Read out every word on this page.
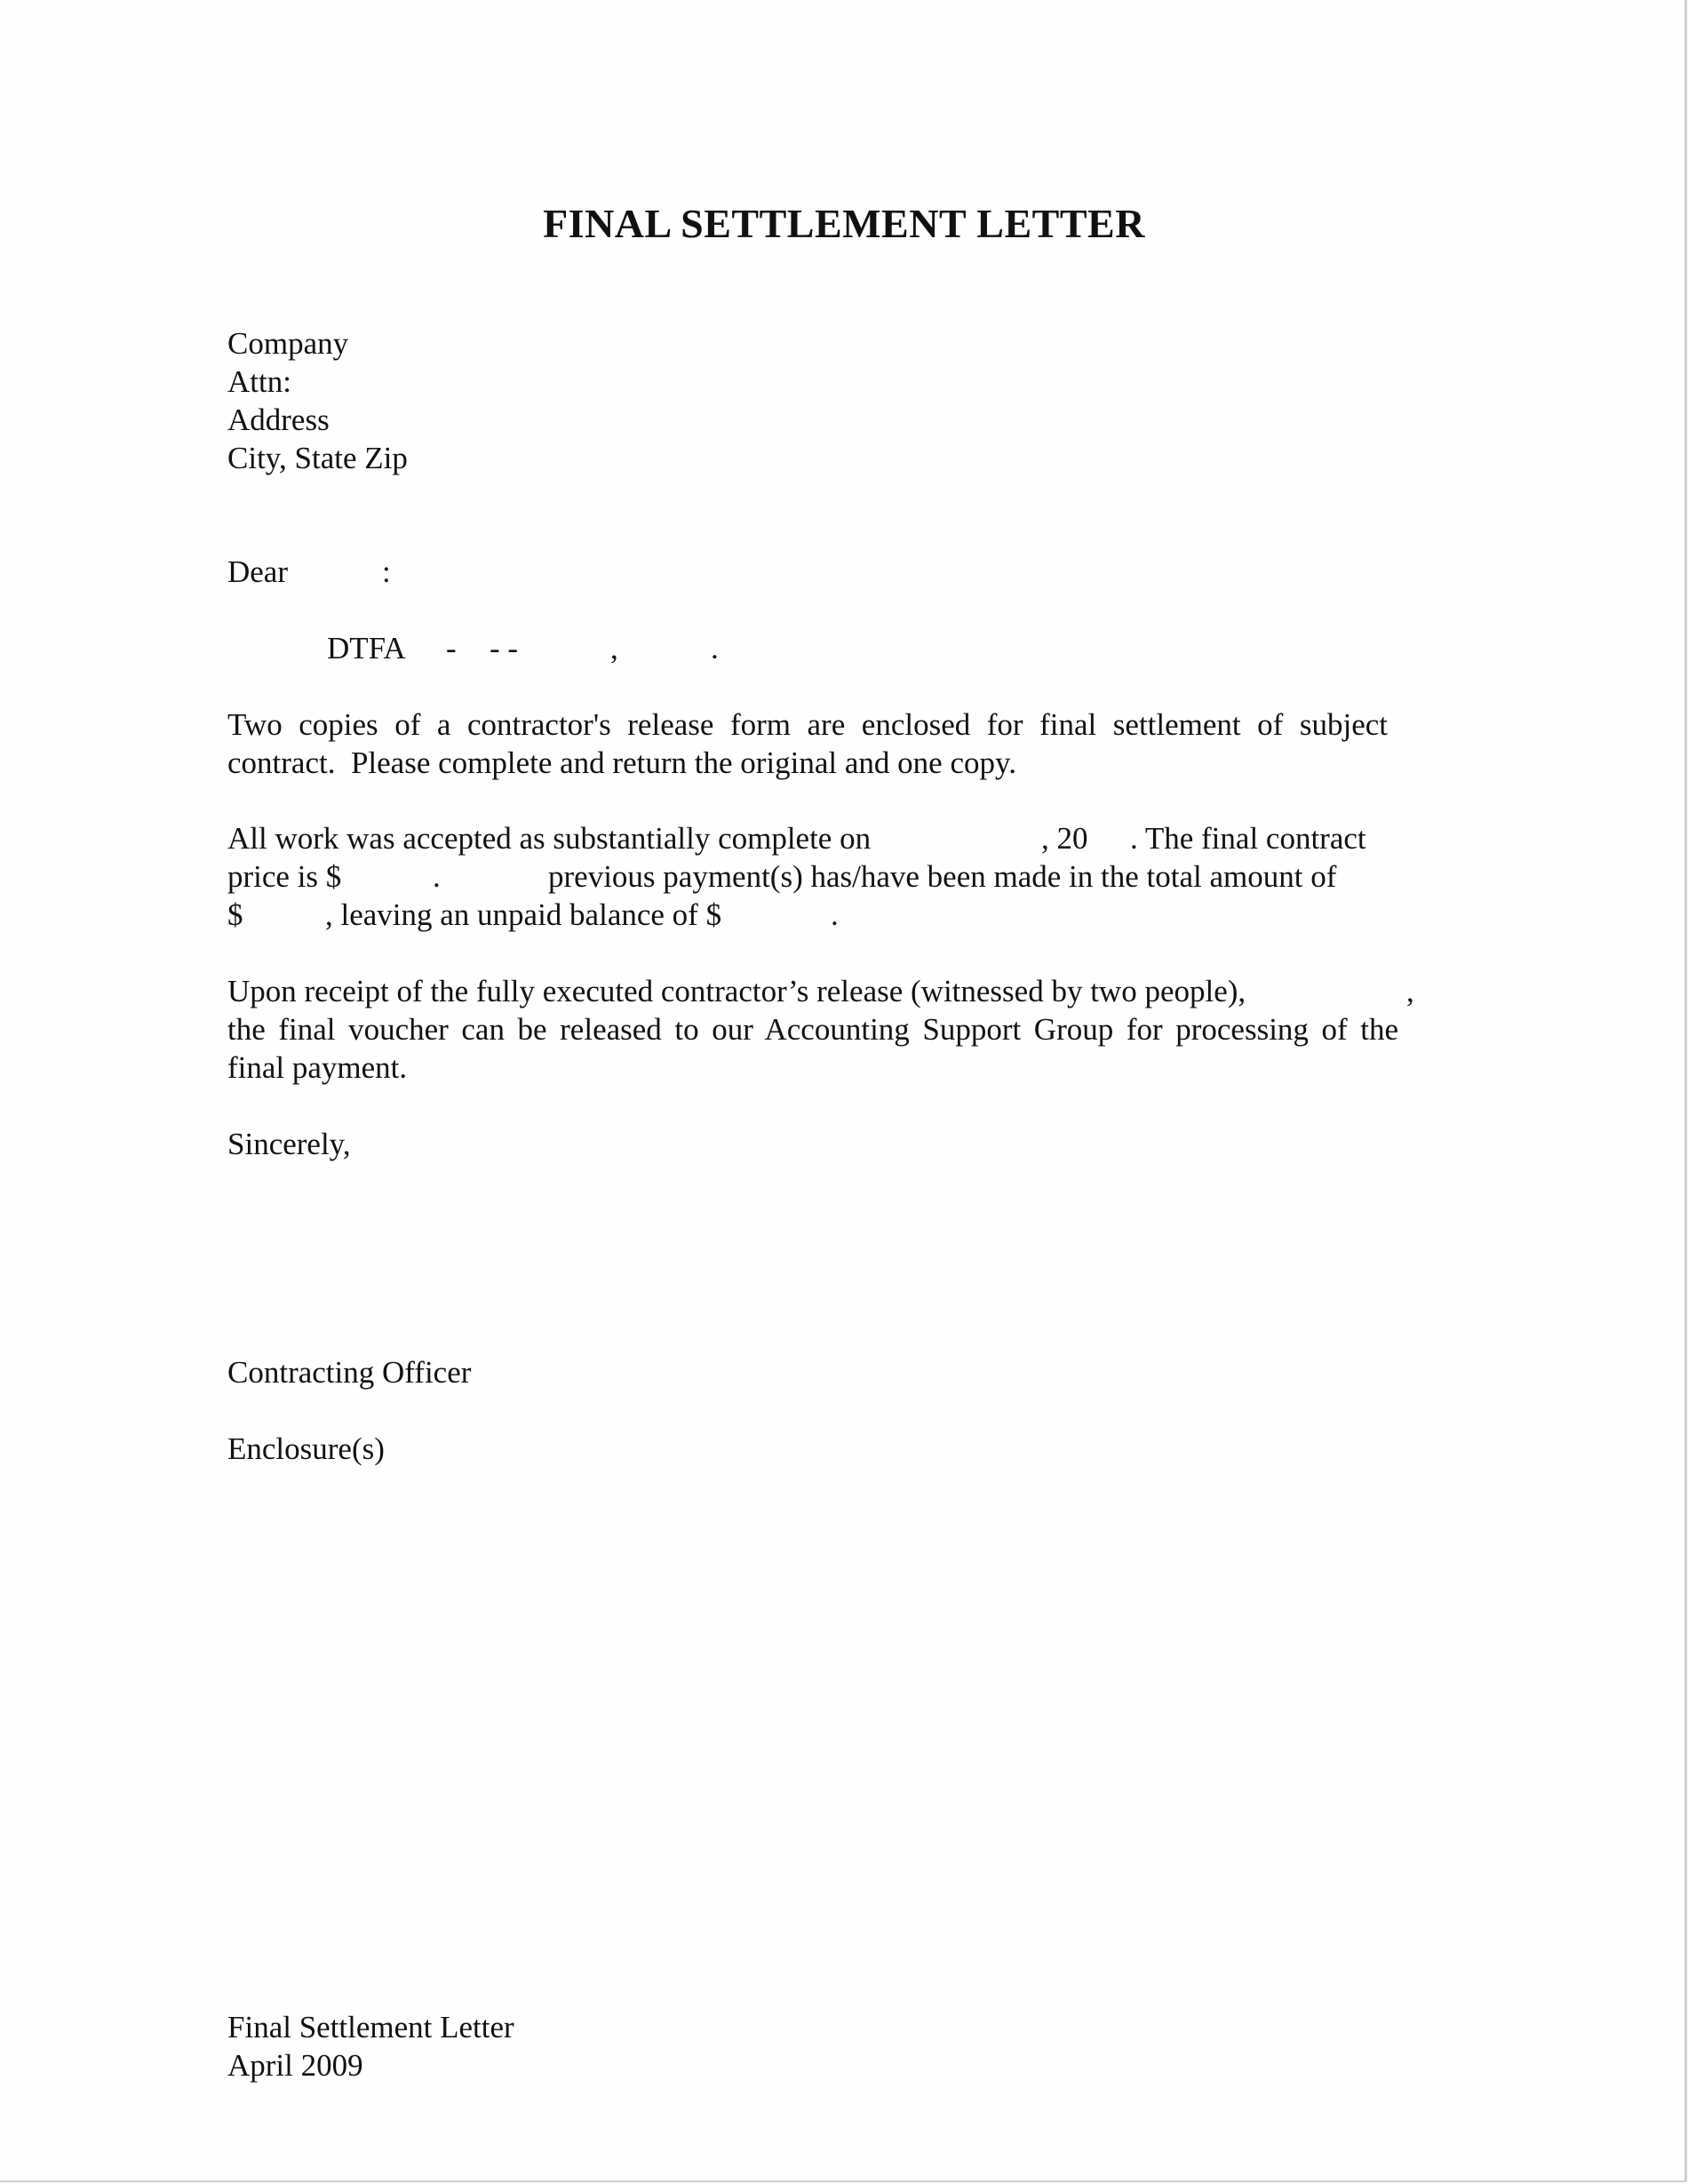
FINAL SETTLEMENT LETTER

Company

Attn:

Address

City, State Zip

Dear	:

DTFA - - -	,	.

Two copies of a contractor's release form are enclosed for final settlement of subject

contract.  Please complete and return the original and one copy.

All work was accepted as substantially complete on	, 20 . The final contract

price is $	.	previous payment(s) has/have been made in the total amount of

$	, leaving an unpaid balance of $	.

Upon receipt of the fully executed contractor’s release (witnessed by two people),	,

the final voucher can be released to our Accounting Support Group for processing of the

final payment.

Sincerely,

Contracting Officer

Enclosure(s)

Final Settlement Letter

April 2009
